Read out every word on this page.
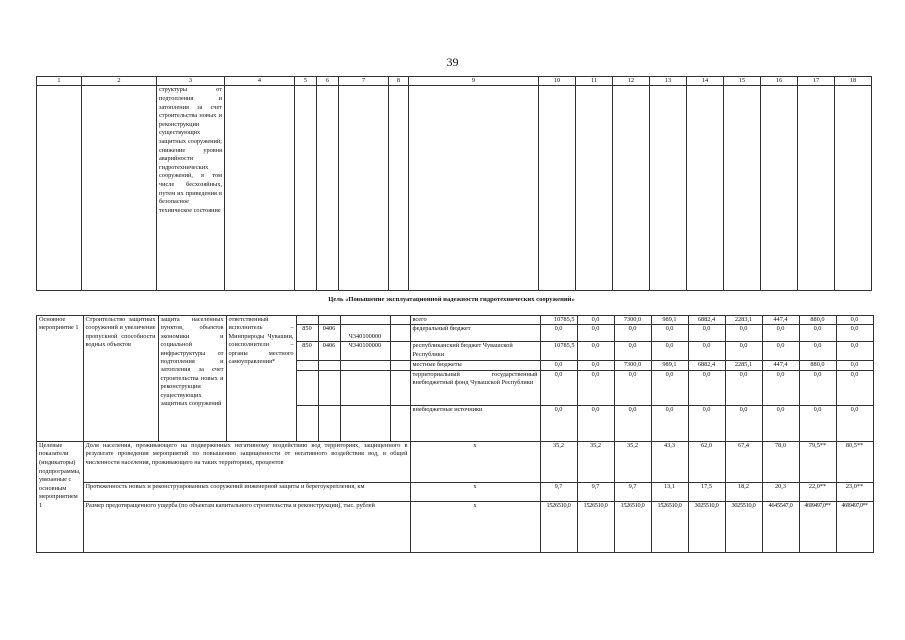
39
1	2	3	4	5	6	7	8	9	10	11	12	13	14	15	16	17	18
		структуры от подтопления и затопления за счет строительства новых и реконструкции существующих защитных сооружений; снижение уровня аварийности гидротехнических сооружений, в том числе бесхозяйных, путем их приведения в безопасное техническое состояние															
Цель «Повышение эксплуатационной надежности гидротехнических сооружений»
Основное мероприятие 1	Строительство защитных сооружений и увеличение пропускной способности водных объектов	защита населенных пунктов, объектов экономики и социальной инфраструктуры от подтопления и затопления за счет строительства новых и реконструкции существующих защитных сооружений	ответственный исполнитель – Минприроды Чувашии, соисполнители – органы местного самоуправления*					всего	10785,5	0,0	7300,0	989,1	6882,4	2283,1	447,4	880,0	0,0
				850	0406	Ч340100000		федеральный бюджет	0,0	0,0	0,0	0,0	0,0	0,0	0,0	0,0	0,0
				850	0406	Ч340100000		республиканский бюджет Чувашской Республики	10785,5	0,0	0,0	0,0	0,0	0,0	0,0	0,0	0,0
								местные бюджеты	0,0	0,0	7300,0	989,1	6882,4	2285,1	447,4	880,0	0,0
								территориальный государственный внебюджетный фонд Чувашской Республики	0,0	0,0	0,0	0,0	0,0	0,0	0,0	0,0	0,0
								внебюджетные источники	0,0	0,0	0,0	0,0	0,0	0,0	0,0	0,0	0,0
Целевые показатели (индикаторы) подпрограммы, увязанные с основным мероприятием 1	Доля населения, проживающего на подверженных негативному воздействию вод территориях, защищенного в результате проведения мероприятий по повышению защищенности от негативного воздействия вод, в общей численности населения, проживающего на таких территориях, процентов							x	35,2	35,2	35,2	43,3	62,0	67,4	78,0	79,5**	80,5**
	Протяженность новых и реконструированных сооружений инженерной защиты и берегоукрепления, км							x	9,7	9,7	9,7	13,1	17,5	18,2	20,3	22,0**	23,0**
	Размер предотвращенного ущерба (по объектам капитального строительства и реконструкции), тыс. рублей							x	1526510,0	1526510,0	1526510,0	1526510,0	3025510,0	3025510,0	4645547,0	4699497,0**	4699497,0**
